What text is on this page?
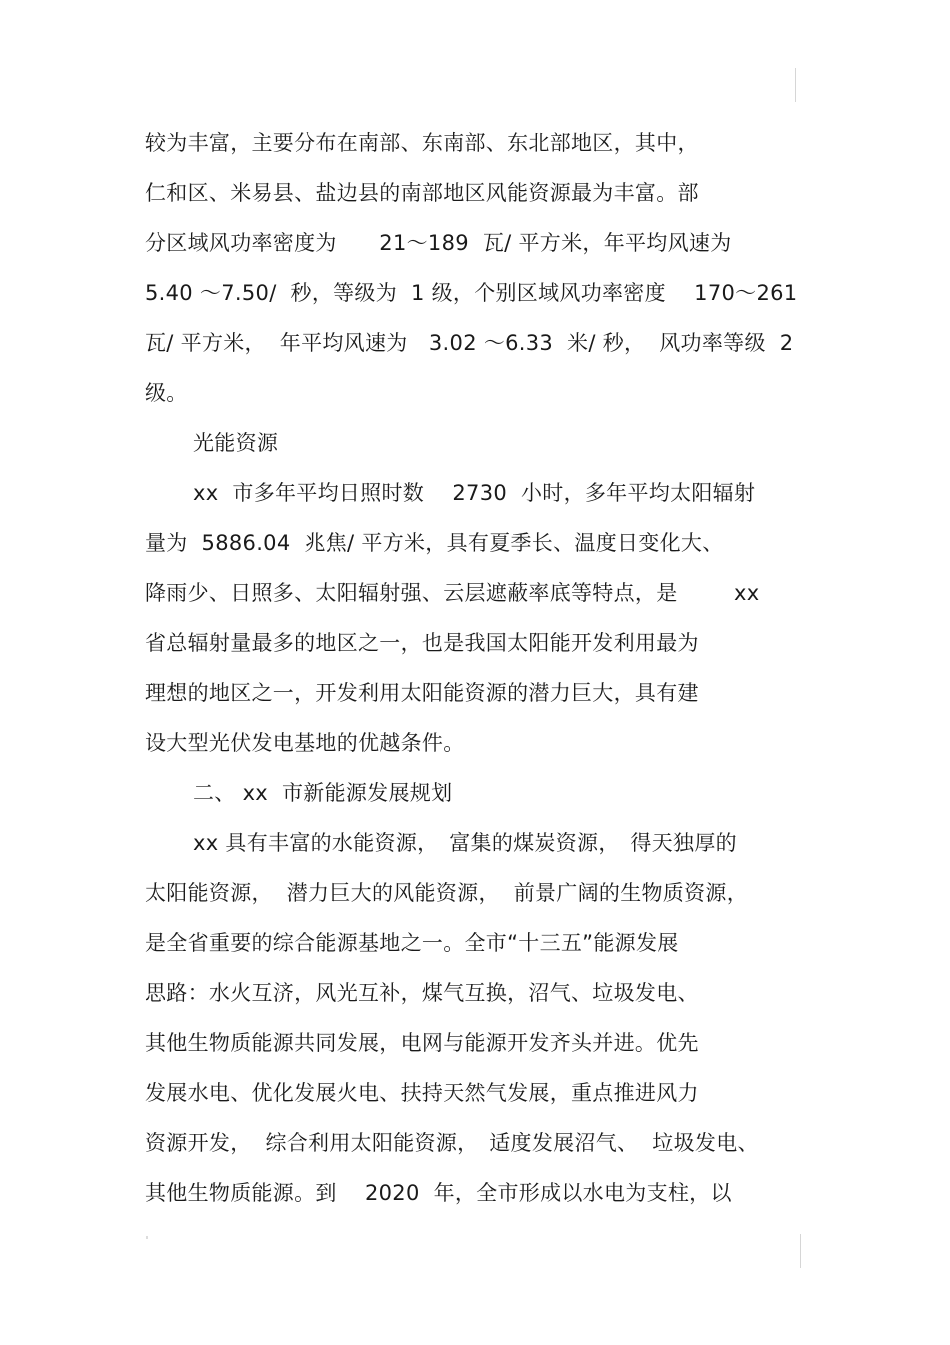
较为丰富，主要分布在南部、东南部、东北部地区，其中，
仁和区、米易县、盐边县的南部地区风能资源最为丰富。部
分区域风功率密度为　　21～189  瓦/ 平方米，年平均风速为
5.40 ～7.50/  秒，等级为  1 级，个别区域风功率密度　 170～261
瓦/ 平方米，  年平均风速为　3.02 ～6.33  米/ 秒，  风功率等级  2
级。
光能资源
xx  市多年平均日照时数　 2730  小时，多年平均太阳辐射
量为  5886.04  兆焦/ 平方米，具有夏季长、温度日变化大、
降雨少、日照多、太阳辐射强、云层遮蔽率底等特点，是　　  xx
省总辐射量最多的地区之一，也是我国太阳能开发利用最为
理想的地区之一，开发利用太阳能资源的潜力巨大，具有建
设大型光伏发电基地的优越条件。
二、 xx  市新能源发展规划
xx 具有丰富的水能资源，　富集的煤炭资源，　得天独厚的
太阳能资源，  潜力巨大的风能资源，  前景广阔的生物质资源，
是全省重要的综合能源基地之一。全市“十三五”能源发展
思路：水火互济，风光互补，煤气互换，沼气、垃圾发电、
其他生物质能源共同发展，电网与能源开发齐头并进。优先
发展水电、优化发展火电、扶持天然气发展，重点推进风力
资源开发，  综合利用太阳能资源，　适度发展沼气、  垃圾发电、
其他生物质能源。到　 2020  年，全市形成以水电为支柱，以
